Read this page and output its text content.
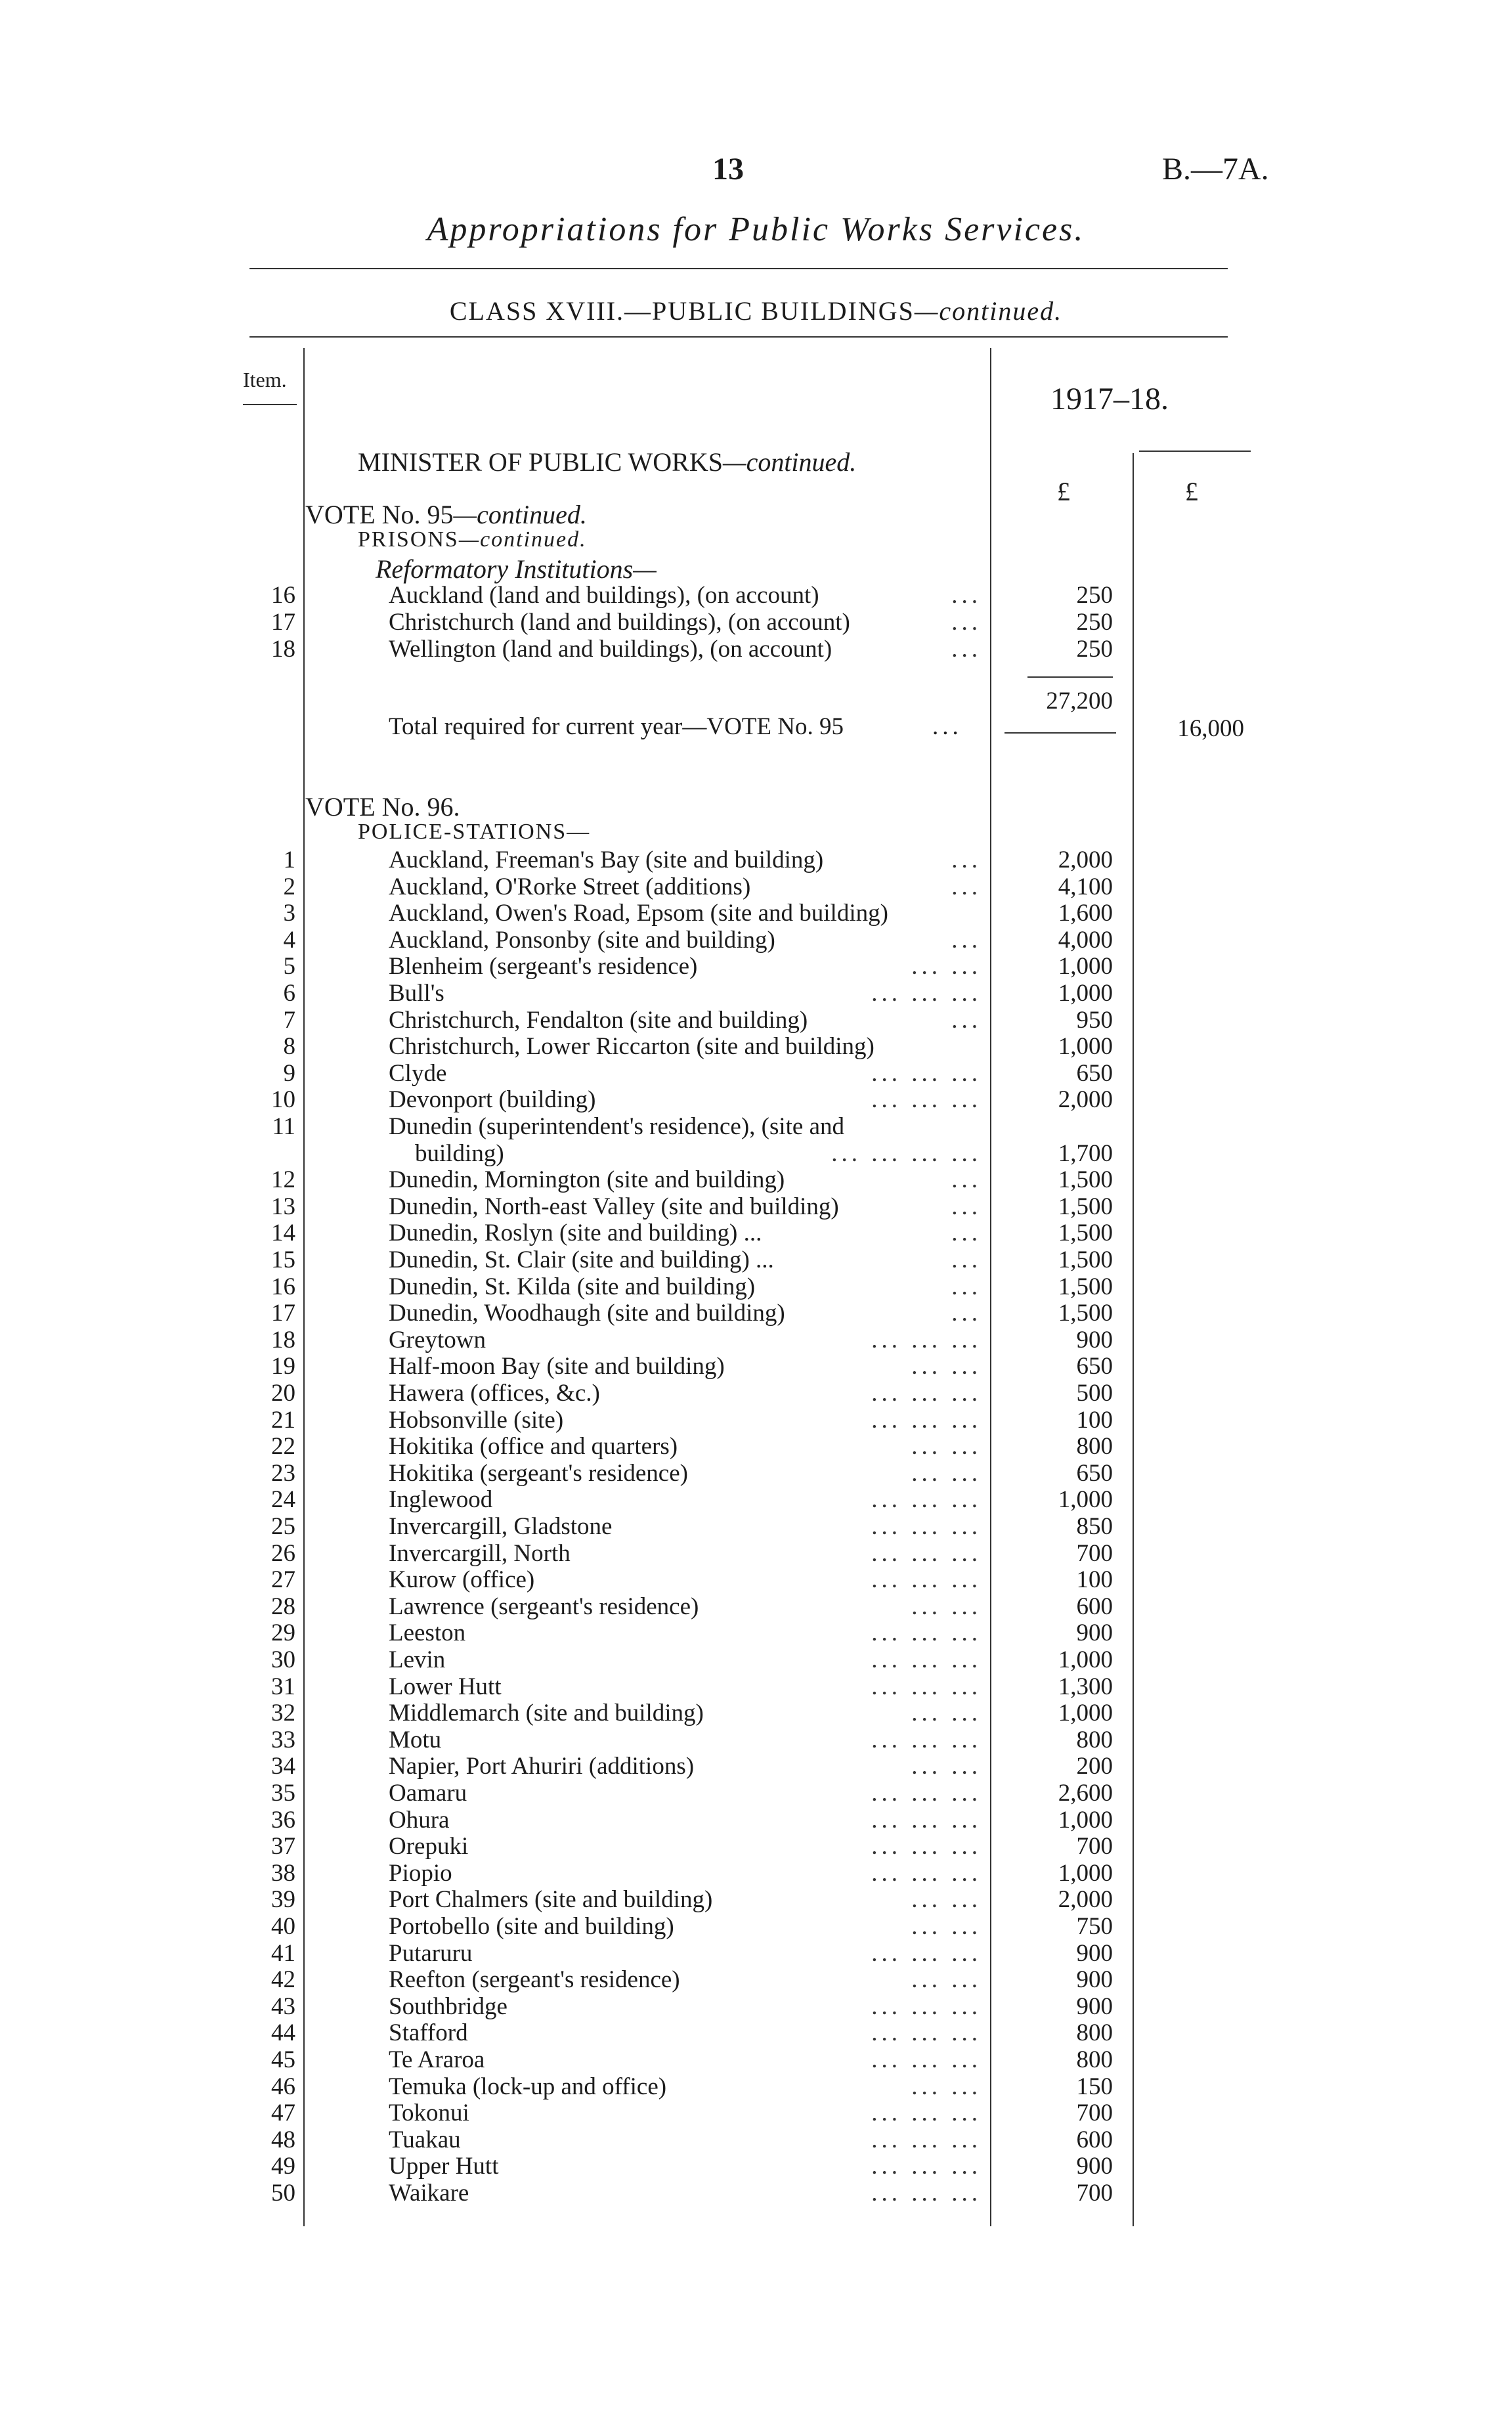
13	B.—7A.
Appropriations for Public Works Services.
CLASS XVIII.—PUBLIC BUILDINGS—continued.
Item.
1917–18.
£	£
MINISTER OF PUBLIC WORKS—continued.
VOTE No. 95—continued.
PRISONS—continued.
Reformatory Institutions—
16	Auckland (land and buildings), (on account)	...	250
17	Christchurch (land and buildings), (on account)	...	250
18	Wellington (land and buildings), (on account)	...	250
27,200
Total required for current year—VOTE No. 95	...	16,000
VOTE No. 96.
POLICE-STATIONS—
1	Auckland, Freeman's Bay (site and building)	...	2,000
2	Auckland, O'Rorke Street (additions)	...	4,100
3	Auckland, Owen's Road, Epsom (site and building)	1,600
4	Auckland, Ponsonby (site and building)	...	4,000
5	Blenheim (sergeant's residence)	... ...	1,000
6	Bull's	... ... ...	1,000
7	Christchurch, Fendalton (site and building)	...	950
8	Christchurch, Lower Riccarton (site and building)	1,000
9	Clyde	... ... ...	650
10	Devonport (building)	... ... ...	2,000
11	Dunedin (superintendent's residence), (site and
building)	... ... ... ...	1,700
12	Dunedin, Mornington (site and building)	...	1,500
13	Dunedin, North-east Valley (site and building)	...	1,500
14	Dunedin, Roslyn (site and building) ...	...	1,500
15	Dunedin, St. Clair (site and building) ...	...	1,500
16	Dunedin, St. Kilda (site and building)	...	1,500
17	Dunedin, Woodhaugh (site and building)	...	1,500
18	Greytown	... ... ...	900
19	Half-moon Bay (site and building)	... ...	650
20	Hawera (offices, &c.)	... ... ...	500
21	Hobsonville (site)	... ... ...	100
22	Hokitika (office and quarters)	... ...	800
23	Hokitika (sergeant's residence)	... ...	650
24	Inglewood	... ... ...	1,000
25	Invercargill, Gladstone	... ... ...	850
26	Invercargill, North	... ... ...	700
27	Kurow (office)	... ... ...	100
28	Lawrence (sergeant's residence)	... ...	600
29	Leeston	... ... ...	900
30	Levin	... ... ...	1,000
31	Lower Hutt	... ... ...	1,300
32	Middlemarch (site and building)	... ...	1,000
33	Motu	... ... ...	800
34	Napier, Port Ahuriri (additions)	... ...	200
35	Oamaru	... ... ...	2,600
36	Ohura	... ... ...	1,000
37	Orepuki	... ... ...	700
38	Piopio	... ... ...	1,000
39	Port Chalmers (site and building)	... ...	2,000
40	Portobello (site and building)	... ...	750
41	Putaruru	... ... ...	900
42	Reefton (sergeant's residence)	... ...	900
43	Southbridge	... ... ...	900
44	Stafford	... ... ...	800
45	Te Araroa	... ... ...	800
46	Temuka (lock-up and office)	... ...	150
47	Tokonui	... ... ...	700
48	Tuakau	... ... ...	600
49	Upper Hutt	... ... ...	900
50	Waikare	... ... ...	700
